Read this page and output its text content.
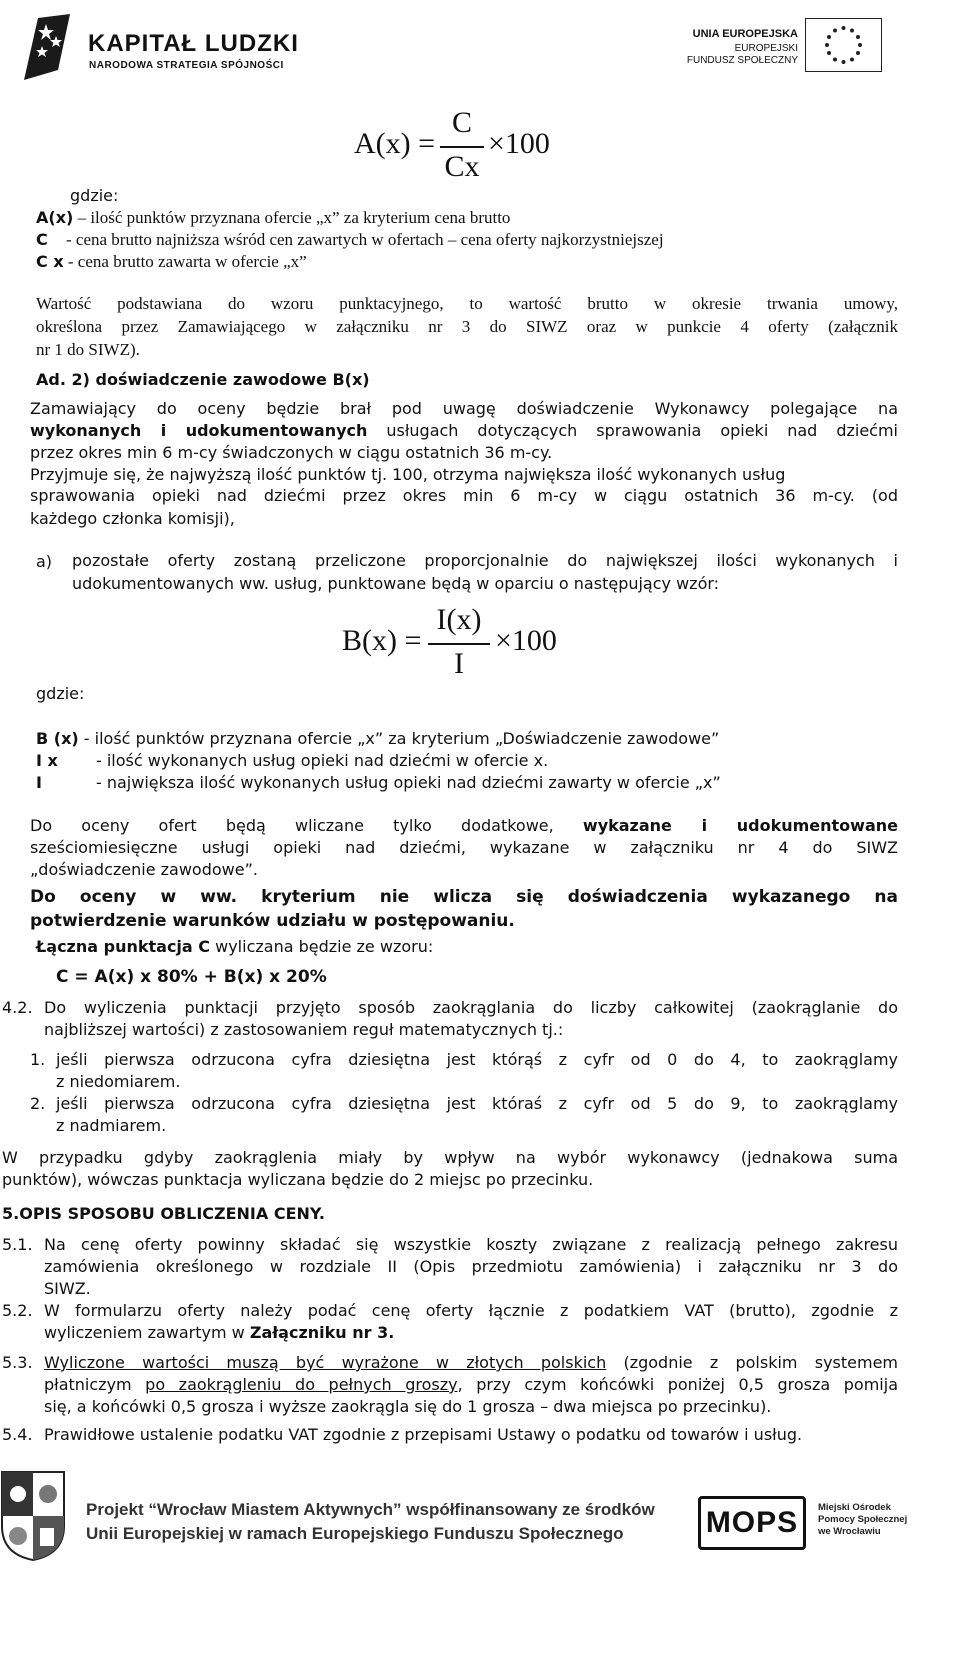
KAPITAŁ LUDZKI
NARODOWA STRATEGIA SPÓJNOŚCI
UNIA EUROPEJSKA
EUROPEJSKI
FUNDUSZ SPOŁECZNY
A(x) =
C
Cx
×100
gdzie:
A(x) – ilość punktów przyznana ofercie „x” za kryterium cena brutto
C - cena brutto najniższa wśród cen zawartych w ofertach – cena oferty najkorzystniejszej
C x - cena brutto zawarta w ofercie „x”
Wartość podstawiana do wzoru punktacyjnego, to wartość brutto w okresie trwania umowy,
określona przez Zamawiającego w załączniku nr 3 do SIWZ oraz w punkcie 4 oferty (załącznik
nr 1 do SIWZ).
Ad. 2) doświadczenie zawodowe B(x)
Zamawiający do oceny będzie brał pod uwagę doświadczenie Wykonawcy polegające na
wykonanych i udokumentowanych usługach dotyczących sprawowania opieki nad dziećmi
przez okres min 6 m-cy świadczonych w ciągu ostatnich 36 m-cy.
Przyjmuje się, że najwyższą ilość punktów tj. 100, otrzyma największa ilość wykonanych usług
sprawowania opieki nad dziećmi przez okres min 6 m-cy w ciągu ostatnich 36 m-cy. (od
każdego członka komisji),
a) pozostałe oferty zostaną przeliczone proporcjonalnie do największej ilości wykonanych i
udokumentowanych ww. usług, punktowane będą w oparciu o następujący wzór:
B(x) =
I(x)
I
×100
gdzie:
B (x) - ilość punktów przyznana ofercie „x” za kryterium „Doświadczenie zawodowe”
I x - ilość wykonanych usług opieki nad dziećmi w ofercie x.
I	- największa ilość wykonanych usług opieki nad dziećmi zawarty w ofercie „x”
Do oceny ofert będą wliczane tylko dodatkowe, wykazane i udokumentowane
sześciomiesięczne usługi opieki nad dziećmi, wykazane w załączniku nr 4 do SIWZ
„doświadczenie zawodowe”.
Do oceny w ww. kryterium nie wlicza się doświadczenia wykazanego na
potwierdzenie warunków udziału w postępowaniu.
Łączna punktacja C wyliczana będzie ze wzoru:
C = A(x) x 80% + B(x) x 20%
4.2. Do wyliczenia punktacji przyjęto sposób zaokrąglania do liczby całkowitej (zaokrąglanie do
najbliższej wartości) z zastosowaniem reguł matematycznych tj.:
1. jeśli pierwsza odrzucona cyfra dziesiętna jest którąś z cyfr od 0 do 4, to zaokrąglamy
z niedomiarem.
2. jeśli pierwsza odrzucona cyfra dziesiętna jest któraś z cyfr od 5 do 9, to zaokrąglamy
z nadmiarem.
W przypadku gdyby zaokrąglenia miały by wpływ na wybór wykonawcy (jednakowa suma
punktów), wówczas punktacja wyliczana będzie do 2 miejsc po przecinku.
5.OPIS SPOSOBU OBLICZENIA CENY.
5.1. Na cenę oferty powinny składać się wszystkie koszty związane z realizacją pełnego zakresu
zamówienia określonego w rozdziale II (Opis przedmiotu zamówienia) i załączniku nr 3 do
SIWZ.
5.2. W formularzu oferty należy podać cenę oferty łącznie z podatkiem VAT (brutto), zgodnie z
wyliczeniem zawartym w Załączniku nr 3.
5.3. Wyliczone wartości muszą być wyrażone w złotych polskich (zgodnie z polskim systemem
płatniczym po zaokrągleniu do pełnych groszy, przy czym końcówki poniżej 0,5 grosza pomija
się, a końcówki 0,5 grosza i wyższe zaokrągla się do 1 grosza – dwa miejsca po przecinku).
5.4. Prawidłowe ustalenie podatku VAT zgodnie z przepisami Ustawy o podatku od towarów i usług.
Projekt “Wrocław Miastem Aktywnych” współfinansowany ze środków
Unii Europejskiej w ramach Europejskiego Funduszu Społecznego	MOPS Miejski Ośrodek
Pomocy Społecznej
we Wrocławiu
